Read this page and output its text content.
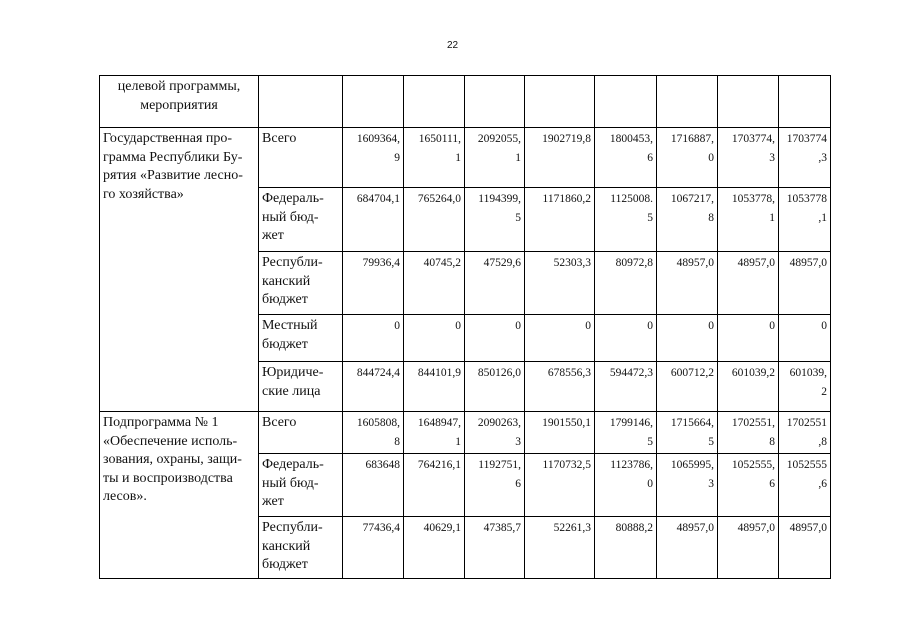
22
целевой программы,
мероприятия									
Государственная про-
грамма Республики Бу-
рятия «Развитие лесно-
го хозяйства»	Всего	1609364,
9	1650111,
1	2092055,
1	1902719,8	1800453,
6	1716887,
0	1703774,
3	1703774
,3

	Федераль-
ный бюд-
жет	684704,1	765264,0	1194399,
5	1171860,2	1125008.
5	1067217,
8	1053778,
1	1053778
,1

	Республи-
канский
бюджет	79936,4	40745,2	47529,6	52303,3	80972,8	48957,0	48957,0	48957,0

	Местный
бюджет	0	0	0	0	0	0	0	0

	Юридиче-
ские лица	844724,4	844101,9	850126,0	678556,3	594472,3	600712,2	601039,2	601039,
2

Подпрограмма № 1
«Обеспечение исполь-
зования, охраны, защи-
ты и воспроизводства
лесов».	Всего	1605808,
8	1648947,
1	2090263,
3	1901550,1	1799146,
5	1715664,
5	1702551,
8	1702551
,8

	Федераль-
ный бюд-
жет	683648	764216,1	1192751,
6	1170732,5	1123786,
0	1065995,
3	1052555,
6	1052555
,6

	Республи-
канский
бюджет	77436,4	40629,1	47385,7	52261,3	80888,2	48957,0	48957,0	48957,0
